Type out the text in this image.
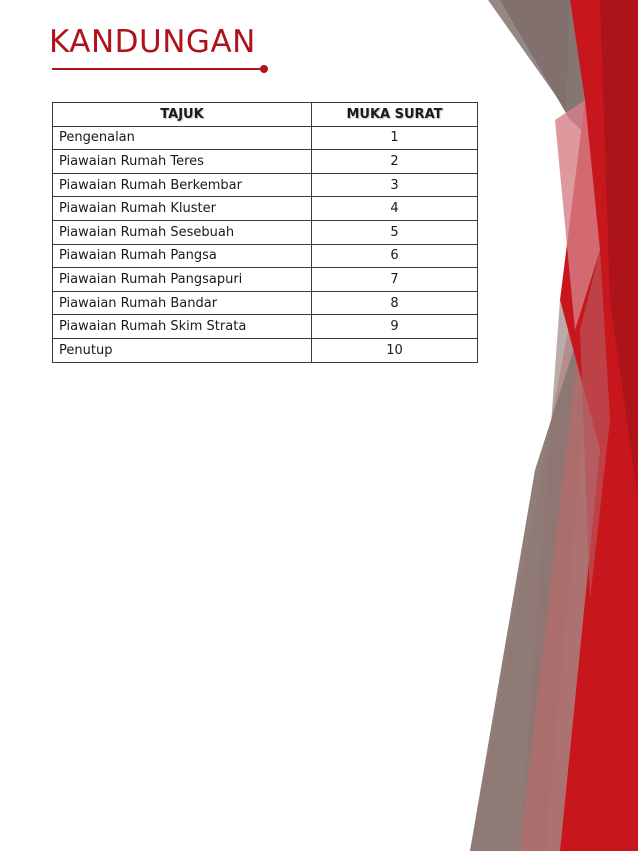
KANDUNGAN
TAJUK	MUKA SURAT
Pengenalan	1
Piawaian Rumah Teres	2
Piawaian Rumah Berkembar	3
Piawaian Rumah Kluster	4
Piawaian Rumah Sesebuah	5
Piawaian Rumah Pangsa	6
Piawaian Rumah Pangsapuri	7
Piawaian Rumah Bandar	8
Piawaian Rumah Skim Strata	9
Penutup	10
